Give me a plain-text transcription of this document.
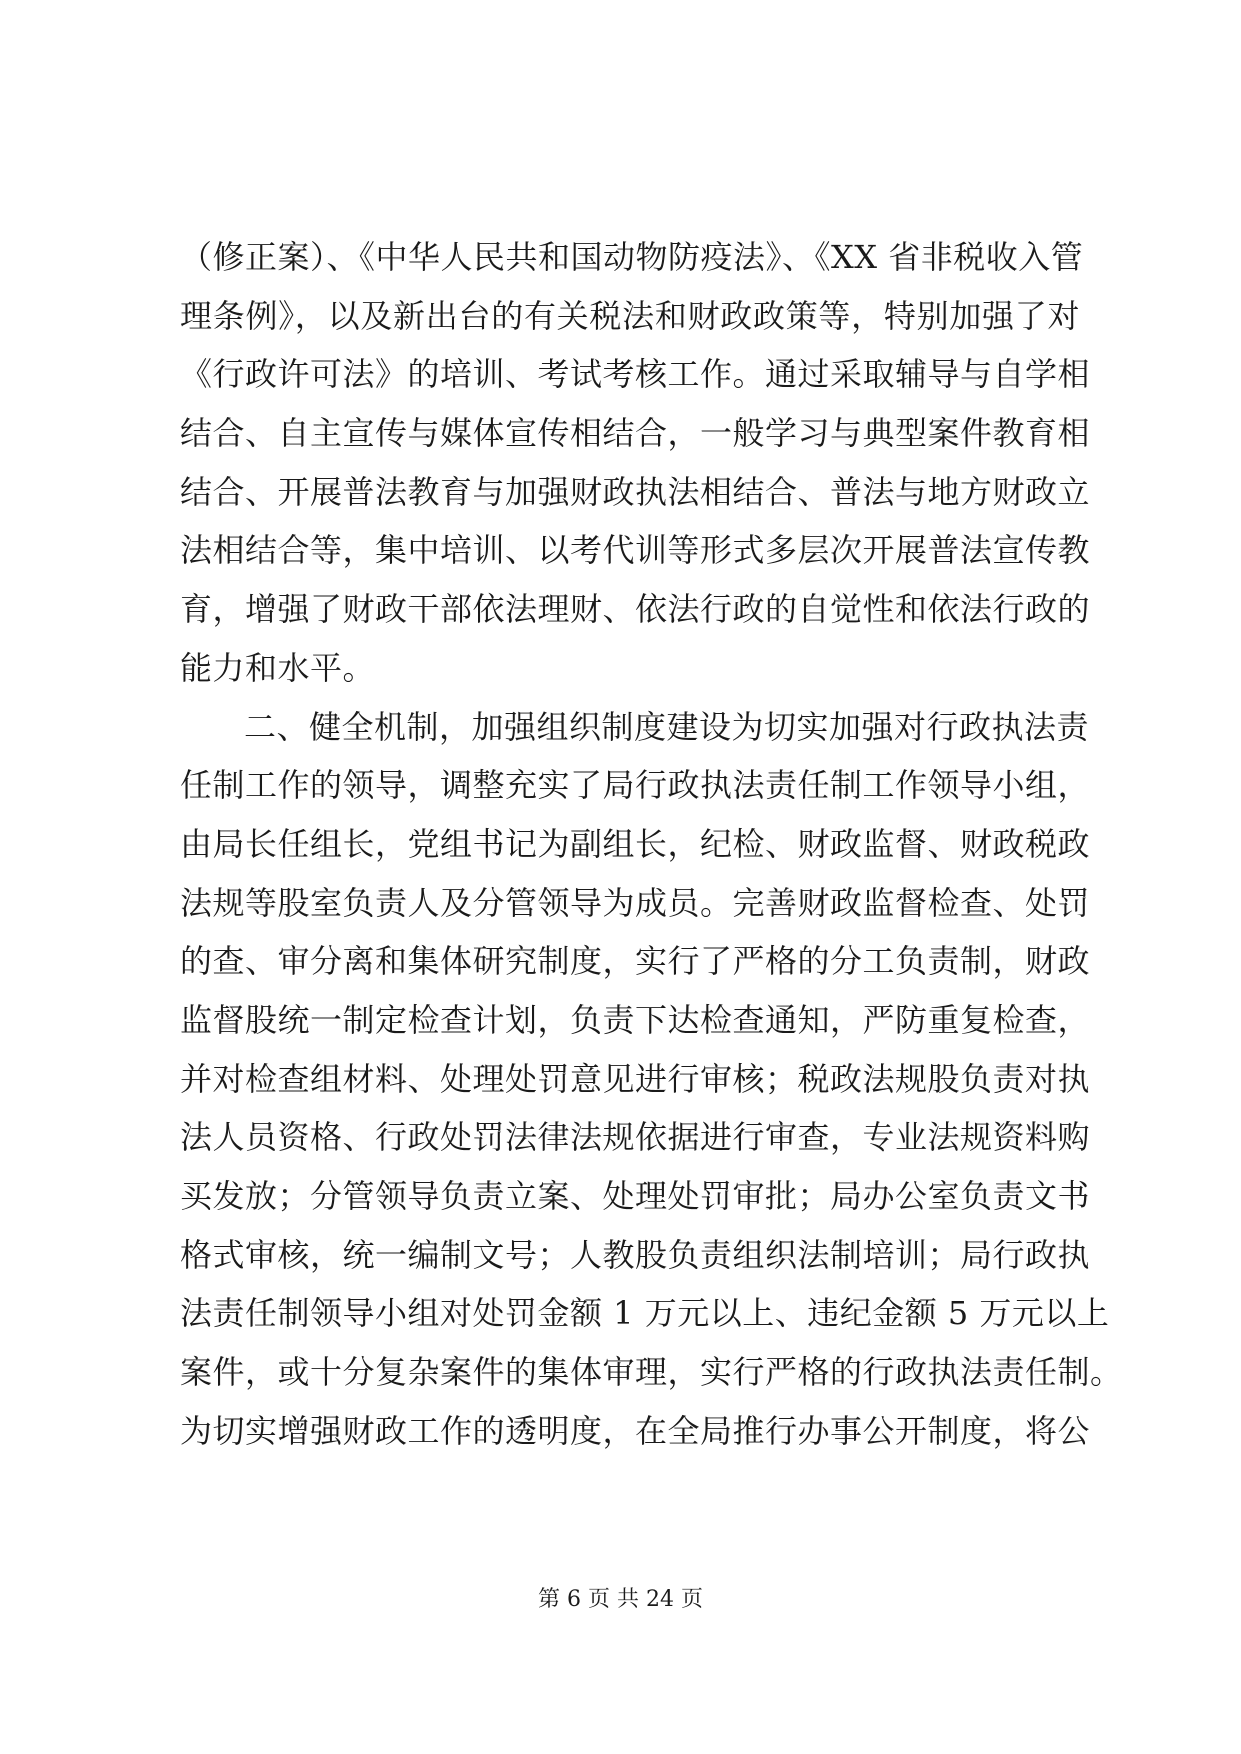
（修正案）、《中华人民共和国动物防疫法》、《XX 省非税收入管
理条例》，以及新出台的有关税法和财政政策等，特别加强了对
《行政许可法》的培训、考试考核工作。通过采取辅导与自学相
结合、自主宣传与媒体宣传相结合，一般学习与典型案件教育相
结合、开展普法教育与加强财政执法相结合、普法与地方财政立
法相结合等，集中培训、以考代训等形式多层次开展普法宣传教
育，增强了财政干部依法理财、依法行政的自觉性和依法行政的
能力和水平。
二、健全机制，加强组织制度建设为切实加强对行政执法责
任制工作的领导，调整充实了局行政执法责任制工作领导小组，
由局长任组长，党组书记为副组长，纪检、财政监督、财政税政
法规等股室负责人及分管领导为成员。完善财政监督检查、处罚
的查、审分离和集体研究制度，实行了严格的分工负责制，财政
监督股统一制定检查计划，负责下达检查通知，严防重复检查，
并对检查组材料、处理处罚意见进行审核；税政法规股负责对执
法人员资格、行政处罚法律法规依据进行审查，专业法规资料购
买发放；分管领导负责立案、处理处罚审批；局办公室负责文书
格式审核，统一编制文号；人教股负责组织法制培训；局行政执
法责任制领导小组对处罚金额 1 万元以上、违纪金额 5 万元以上
案件，或十分复杂案件的集体审理，实行严格的行政执法责任制。
为切实增强财政工作的透明度，在全局推行办事公开制度，将公
第 6 页 共 24 页
